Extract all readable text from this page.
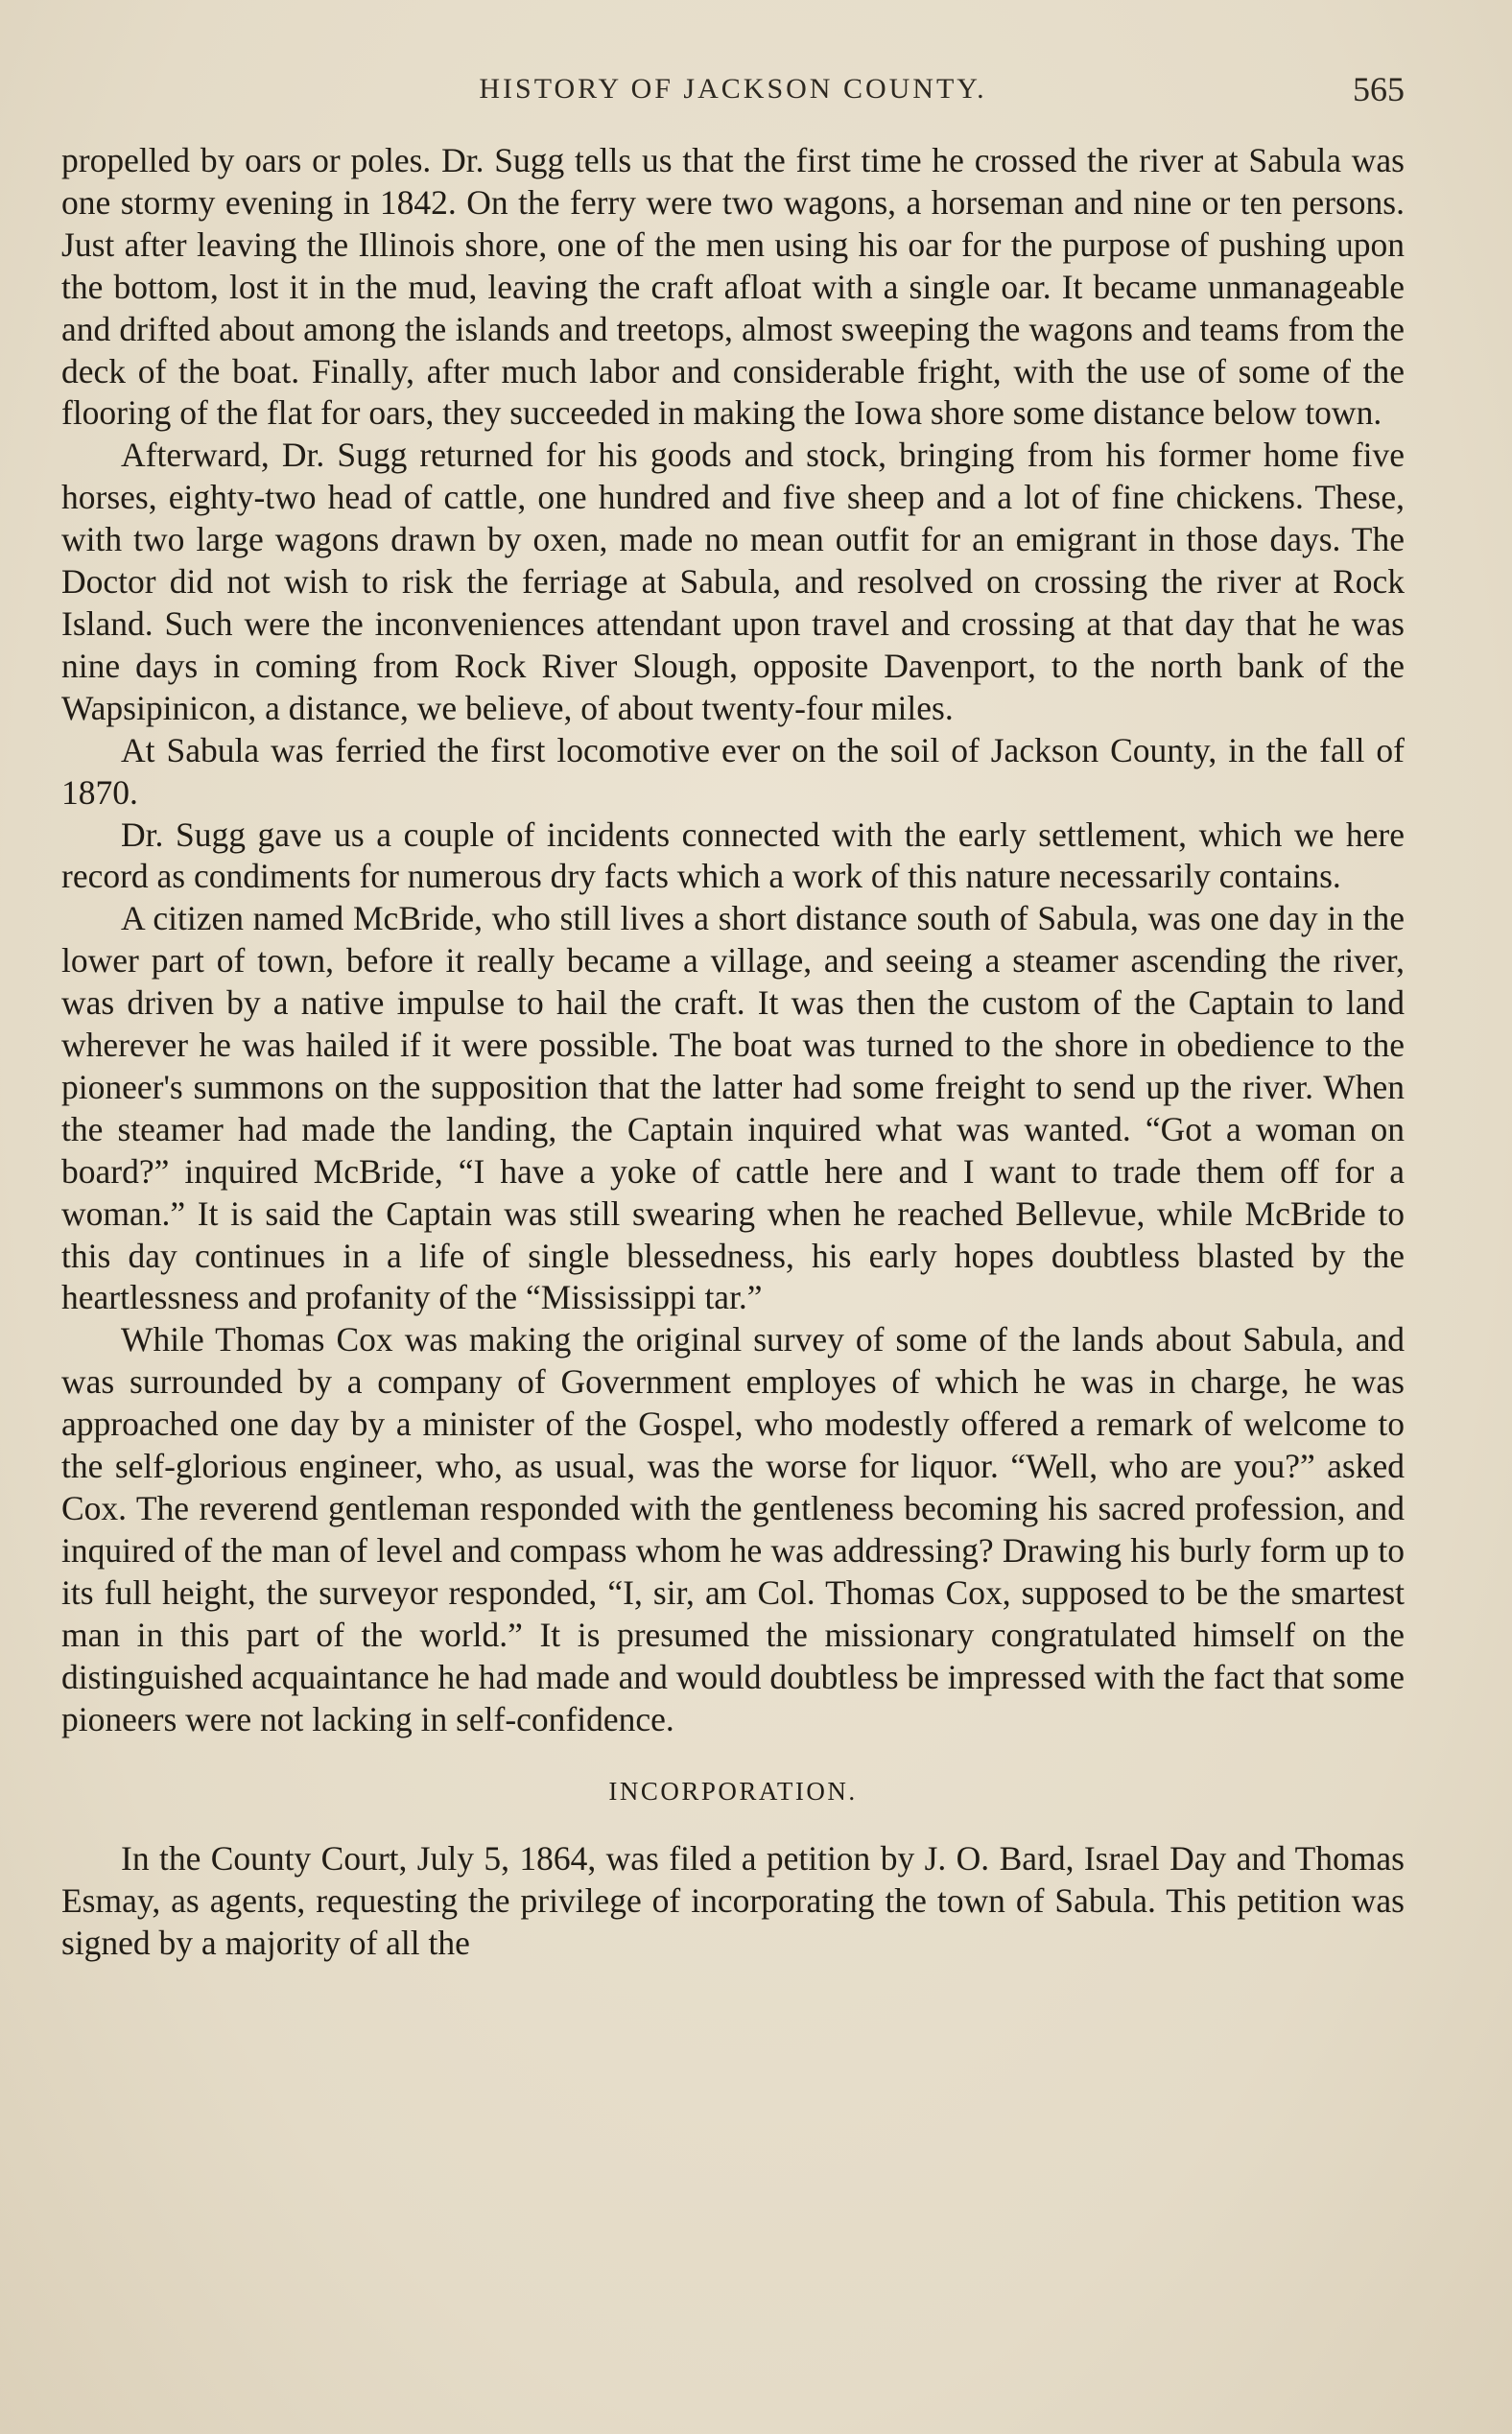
HISTORY OF JACKSON COUNTY.	565

propelled by oars or poles. Dr. Sugg tells us that the first time he crossed the river at Sabula was one stormy evening in 1842. On the ferry were two wagons, a horseman and nine or ten persons. Just after leaving the Illinois shore, one of the men using his oar for the purpose of pushing upon the bottom, lost it in the mud, leaving the craft afloat with a single oar. It became unmanageable and drifted about among the islands and treetops, almost sweeping the wagons and teams from the deck of the boat. Finally, after much labor and considerable fright, with the use of some of the flooring of the flat for oars, they succeeded in making the Iowa shore some distance below town.

Afterward, Dr. Sugg returned for his goods and stock, bringing from his former home five horses, eighty-two head of cattle, one hundred and five sheep and a lot of fine chickens. These, with two large wagons drawn by oxen, made no mean outfit for an emigrant in those days. The Doctor did not wish to risk the ferriage at Sabula, and resolved on crossing the river at Rock Island. Such were the inconveniences attendant upon travel and crossing at that day that he was nine days in coming from Rock River Slough, opposite Davenport, to the north bank of the Wapsipinicon, a distance, we believe, of about twenty-four miles.

At Sabula was ferried the first locomotive ever on the soil of Jackson County, in the fall of 1870.

Dr. Sugg gave us a couple of incidents connected with the early settlement, which we here record as condiments for numerous dry facts which a work of this nature necessarily contains.

A citizen named McBride, who still lives a short distance south of Sabula, was one day in the lower part of town, before it really became a village, and seeing a steamer ascending the river, was driven by a native impulse to hail the craft. It was then the custom of the Captain to land wherever he was hailed if it were possible. The boat was turned to the shore in obedience to the pioneer's summons on the supposition that the latter had some freight to send up the river. When the steamer had made the landing, the Captain inquired what was wanted. “Got a woman on board?” inquired McBride, “I have a yoke of cattle here and I want to trade them off for a woman.” It is said the Captain was still swearing when he reached Bellevue, while McBride to this day continues in a life of single blessedness, his early hopes doubtless blasted by the heartlessness and profanity of the “Mississippi tar.”

While Thomas Cox was making the original survey of some of the lands about Sabula, and was surrounded by a company of Government employes of which he was in charge, he was approached one day by a minister of the Gospel, who modestly offered a remark of welcome to the self-glorious engineer, who, as usual, was the worse for liquor. “Well, who are you?” asked Cox. The reverend gentleman responded with the gentleness becoming his sacred profession, and inquired of the man of level and compass whom he was addressing? Drawing his burly form up to its full height, the surveyor responded, “I, sir, am Col. Thomas Cox, supposed to be the smartest man in this part of the world.” It is presumed the missionary congratulated himself on the distinguished acquaintance he had made and would doubtless be impressed with the fact that some pioneers were not lacking in self-confidence.

INCORPORATION.

In the County Court, July 5, 1864, was filed a petition by J. O. Bard, Israel Day and Thomas Esmay, as agents, requesting the privilege of incorporating the town of Sabula. This petition was signed by a majority of all the
